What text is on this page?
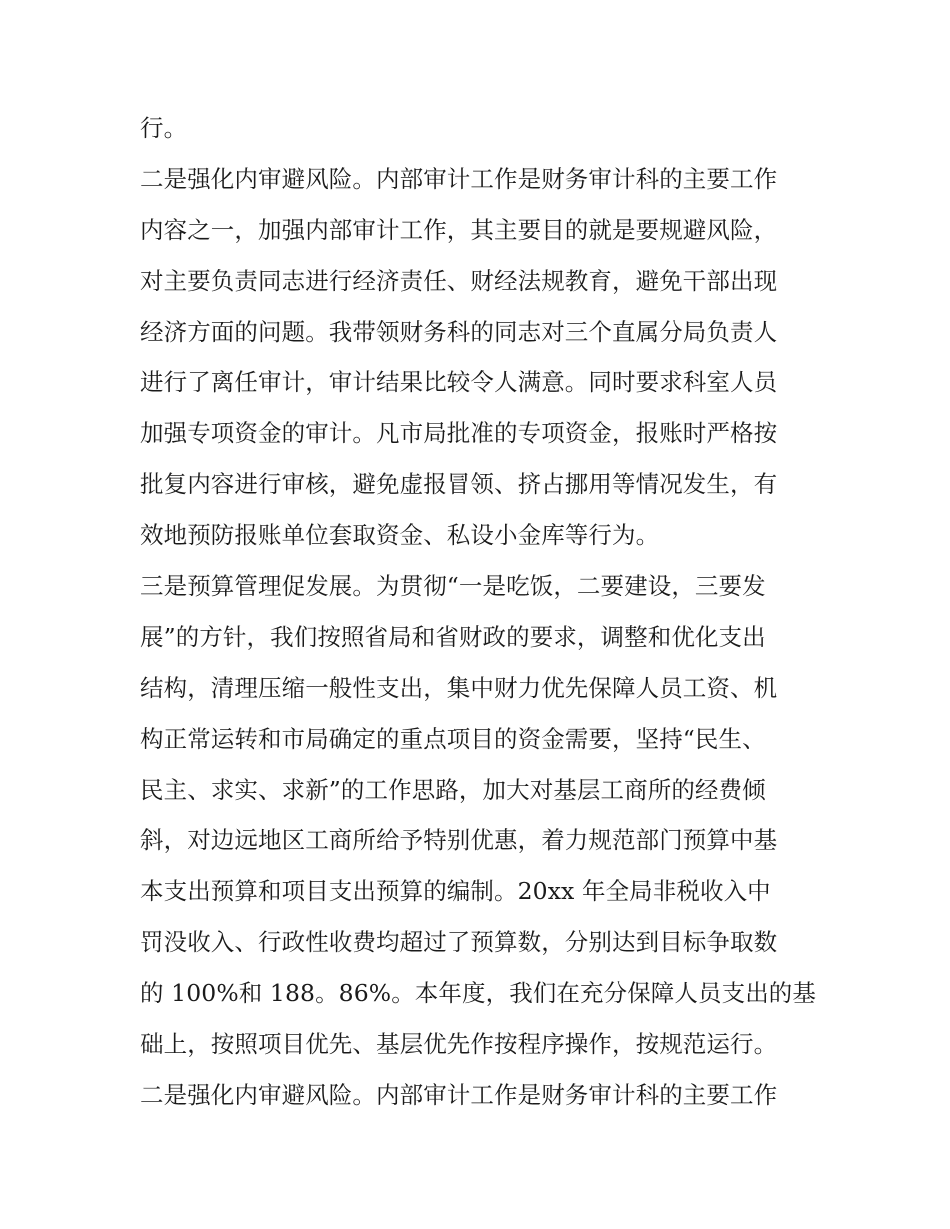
行。
二是强化内审避风险。内部审计工作是财务审计科的主要工作
内容之一，加强内部审计工作，其主要目的就是要规避风险，
对主要负责同志进行经济责任、财经法规教育，避免干部出现
经济方面的问题。我带领财务科的同志对三个直属分局负责人
进行了离任审计，审计结果比较令人满意。同时要求科室人员
加强专项资金的审计。凡市局批准的专项资金，报账时严格按
批复内容进行审核，避免虚报冒领、挤占挪用等情况发生，有
效地预防报账单位套取资金、私设小金库等行为。
三是预算管理促发展。为贯彻“一是吃饭，二要建设，三要发
展”的方针，我们按照省局和省财政的要求，调整和优化支出
结构，清理压缩一般性支出，集中财力优先保障人员工资、机
构正常运转和市局确定的重点项目的资金需要，坚持“民生、
民主、求实、求新”的工作思路，加大对基层工商所的经费倾
斜，对边远地区工商所给予特别优惠，着力规范部门预算中基
本支出预算和项目支出预算的编制。20xx 年全局非税收入中
罚没收入、行政性收费均超过了预算数，分别达到目标争取数
的 100%和 188。86%。本年度，我们在充分保障人员支出的基
础上，按照项目优先、基层优先作按程序操作，按规范运行。
二是强化内审避风险。内部审计工作是财务审计科的主要工作
